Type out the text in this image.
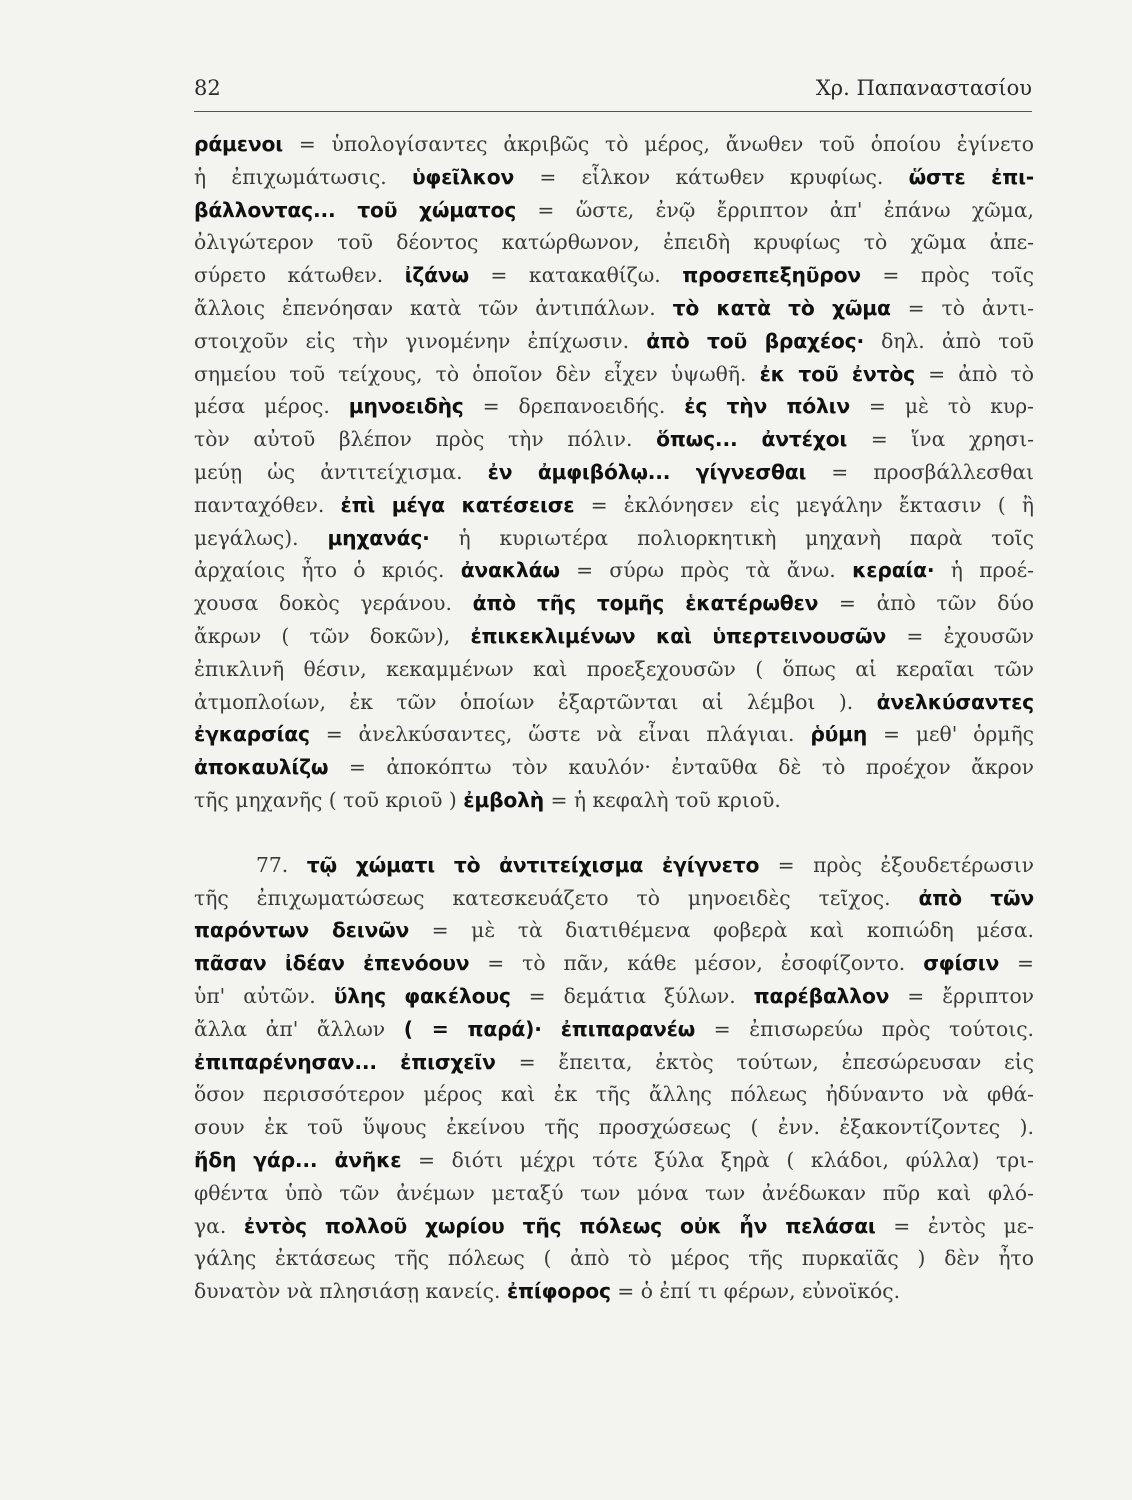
82	Χρ. Παπαναστασίου
ράμενοι = ὑπολογίσαντες ἀκριβῶς τὸ μέρος, ἄνωθεν τοῦ ὁποίου ἐγίνετο
ἡ ἐπιχωμάτωσις. ὑφεῖλκον = εἷλκον κάτωθεν κρυφίως. ὥστε ἐπι-
βάλλοντας... τοῦ χώματος = ὥστε, ἐνῷ ἔρριπτον ἀπ' ἐπάνω χῶμα,
ὀλιγώτερον τοῦ δέοντος κατώρθωνον, ἐπειδὴ κρυφίως τὸ χῶμα ἀπε-
σύρετο κάτωθεν. ἰζάνω = κατακαθίζω. προσεπεξηῦρον = πρὸς τοῖς
ἄλλοις ἐπενόησαν κατὰ τῶν ἀντιπάλων. τὸ κατὰ τὸ χῶμα = τὸ ἀντι-
στοιχοῦν εἰς τὴν γινομένην ἐπίχωσιν. ἀπὸ τοῦ βραχέος· δηλ. ἀπὸ τοῦ
σημείου τοῦ τείχους, τὸ ὁποῖον δὲν εἶχεν ὑψωθῆ. ἐκ τοῦ ἐντὸς = ἀπὸ τὸ
μέσα μέρος. μηνοειδὴς = δρεπανοειδής. ἐς τὴν πόλιν = μὲ τὸ κυρ-
τὸν αὐτοῦ βλέπον πρὸς τὴν πόλιν. ὅπως... ἀντέχοι = ἵνα χρησι-
μεύῃ ὡς ἀντιτείχισμα. ἐν ἀμφιβόλῳ... γίγνεσθαι = προσβάλλεσθαι
πανταχόθεν. ἐπὶ μέγα κατέσεισε = ἐκλόνησεν εἰς μεγάλην ἔκτασιν ( ἢ
μεγάλως). μηχανάς· ἡ κυριωτέρα πολιορκητικὴ μηχανὴ παρὰ τοῖς
ἀρχαίοις ἦτο ὁ κριός. ἀνακλάω = σύρω πρὸς τὰ ἄνω. κεραία· ἡ προέ-
χουσα δοκὸς γεράνου. ἀπὸ τῆς τομῆς ἑκατέρωθεν = ἀπὸ τῶν δύο
ἄκρων ( τῶν δοκῶν), ἐπικεκλιμένων καὶ ὑπερτεινουσῶν = ἐχουσῶν
ἐπικλινῆ θέσιν, κεκαμμένων καὶ προεξεχουσῶν ( ὅπως αἱ κεραῖαι τῶν
ἀτμοπλοίων, ἐκ τῶν ὁποίων ἐξαρτῶνται αἱ λέμβοι ). ἀνελκύσαντες
ἐγκαρσίας = ἀνελκύσαντες, ὥστε νὰ εἶναι πλάγιαι. ῥύμη = μεθ' ὁρμῆς
ἀποκαυλίζω = ἀποκόπτω τὸν καυλόν· ἐνταῦθα δὲ τὸ προέχον ἄκρον
τῆς μηχανῆς ( τοῦ κριοῦ ) ἐμβολὴ = ἡ κεφαλὴ τοῦ κριοῦ.
77. τῷ χώματι τὸ ἀντιτείχισμα ἐγίγνετο = πρὸς ἐξουδετέρωσιν
τῆς ἐπιχωματώσεως κατεσκευάζετο τὸ μηνοειδὲς τεῖχος. ἀπὸ τῶν
παρόντων δεινῶν = μὲ τὰ διατιθέμενα φοβερὰ καὶ κοπιώδη μέσα.
πᾶσαν ἰδέαν ἐπενόουν = τὸ πᾶν, κάθε μέσον, ἐσοφίζοντο. σφίσιν =
ὑπ' αὐτῶν. ὕλης φακέλους = δεμάτια ξύλων. παρέβαλλον = ἔρριπτον
ἄλλα ἀπ' ἄλλων ( = παρά)· ἐπιπαρανέω = ἐπισωρεύω πρὸς τούτοις.
ἐπιπαρένησαν... ἐπισχεῖν = ἔπειτα, ἐκτὸς τούτων, ἐπεσώρευσαν εἰς
ὅσον περισσότερον μέρος καὶ ἐκ τῆς ἄλλης πόλεως ἠδύναντο νὰ φθά-
σουν ἐκ τοῦ ὕψους ἐκείνου τῆς προσχώσεως ( ἐνν. ἐξακοντίζοντες ).
ἤδη γάρ... ἀνῆκε = διότι μέχρι τότε ξύλα ξηρὰ ( κλάδοι, φύλλα) τρι-
φθέντα ὑπὸ τῶν ἀνέμων μεταξύ των μόνα των ἀνέδωκαν πῦρ καὶ φλό-
γα. ἐντὸς πολλοῦ χωρίου τῆς πόλεως οὐκ ἦν πελάσαι = ἐντὸς με-
γάλης ἐκτάσεως τῆς πόλεως ( ἀπὸ τὸ μέρος τῆς πυρκαϊᾶς ) δὲν ἦτο
δυνατὸν νὰ πλησιάσῃ κανείς. ἐπίφορος = ὁ ἐπί τι φέρων, εὐνοϊκός.
